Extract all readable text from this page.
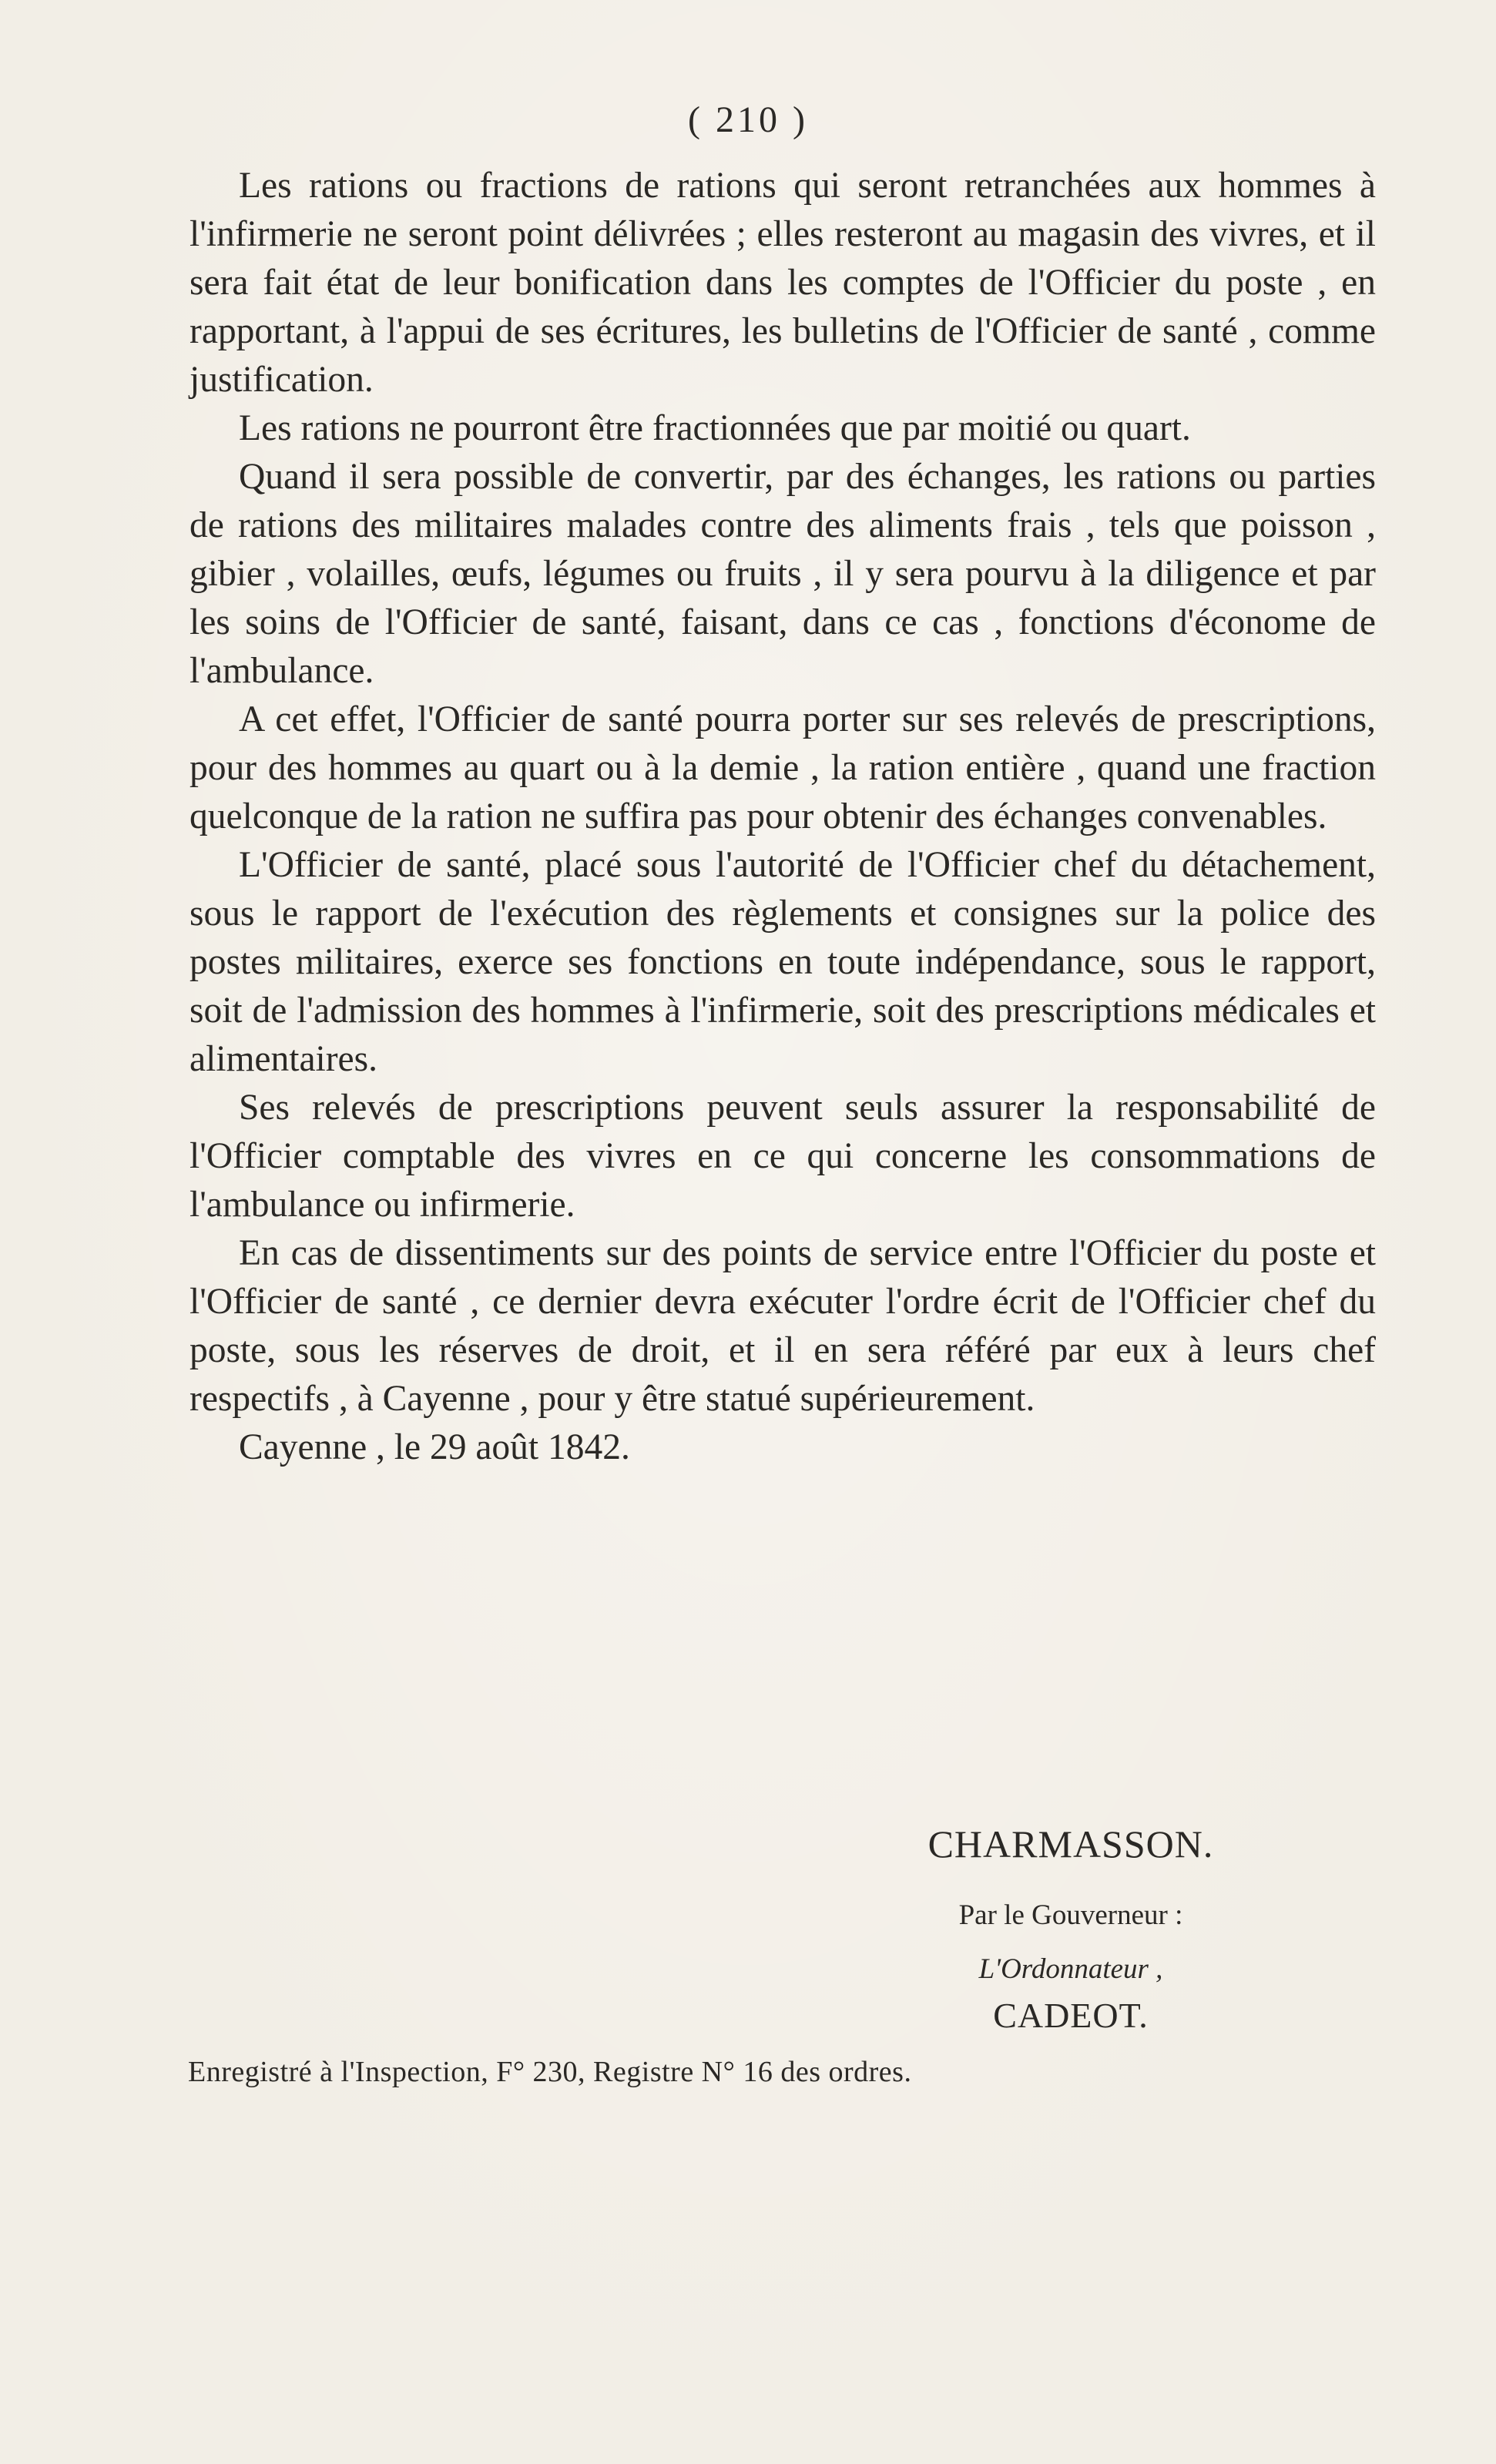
( 210 )

Les rations ou fractions de rations qui seront retranchées aux hommes à l'infirmerie ne seront point délivrées ; elles resteront au magasin des vivres, et il sera fait état de leur bonification dans les comptes de l'Officier du poste , en rapportant, à l'appui de ses écritures, les bulletins de l'Officier de santé , comme justification.

Les rations ne pourront être fractionnées que par moitié ou quart.

Quand il sera possible de convertir, par des échanges, les rations ou parties de rations des militaires malades contre des aliments frais , tels que poisson , gibier , volailles, œufs, légumes ou fruits , il y sera pourvu à la diligence et par les soins de l'Officier de santé, faisant, dans ce cas , fonctions d'économe de l'ambulance.

A cet effet, l'Officier de santé pourra porter sur ses relevés de prescriptions, pour des hommes au quart ou à la demie , la ration entière , quand une fraction quelconque de la ration ne suffira pas pour obtenir des échanges convenables.

L'Officier de santé, placé sous l'autorité de l'Officier chef du détachement, sous le rapport de l'exécution des règlements et consignes sur la police des postes militaires, exerce ses fonctions en toute indépendance, sous le rapport, soit de l'admission des hommes à l'infirmerie, soit des prescriptions médicales et alimentaires.

Ses relevés de prescriptions peuvent seuls assurer la responsabilité de l'Officier comptable des vivres en ce qui concerne les consommations de l'ambulance ou infirmerie.

En cas de dissentiments sur des points de service entre l'Officier du poste et l'Officier de santé , ce dernier devra exécuter l'ordre écrit de l'Officier chef du poste, sous les réserves de droit, et il en sera référé par eux à leurs chef respectifs , à Cayenne , pour y être statué supérieurement.

Cayenne , le 29 août 1842.

CHARMASSON.
Par le Gouverneur :
L'Ordonnateur ,
CADEOT.
Enregistré à l'Inspection, F° 230, Registre N° 16 des ordres.
